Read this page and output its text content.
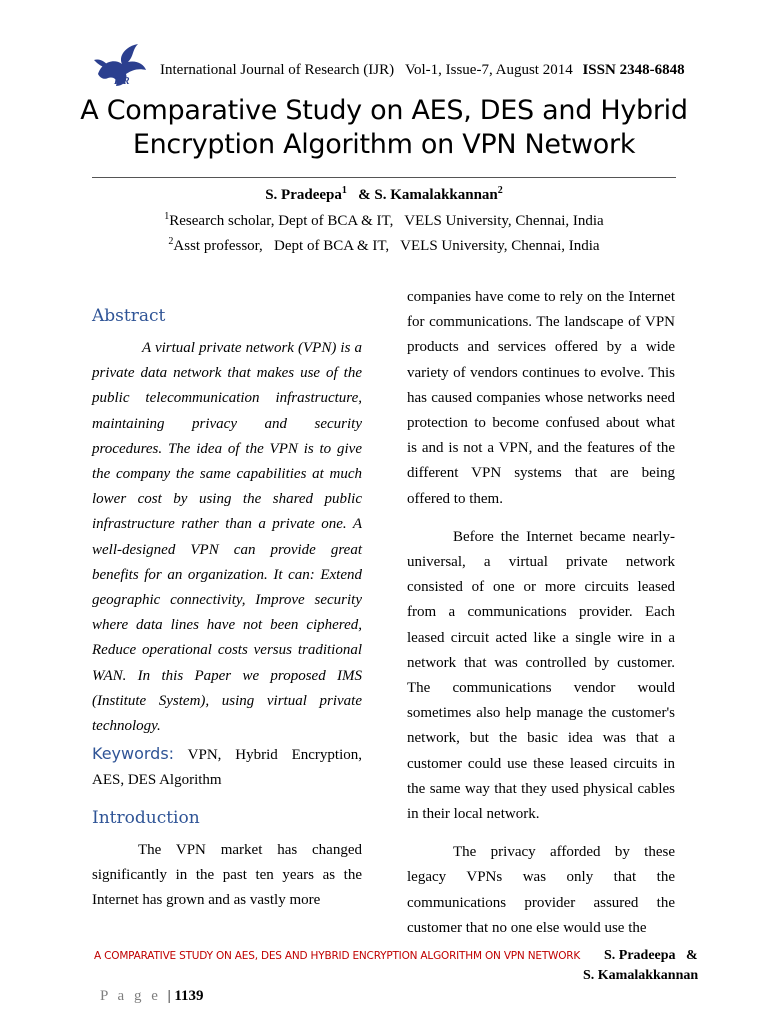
IJR
International Journal of Research (IJR)   Vol-1, Issue-7, August 2014 ISSN 2348-6848
A Comparative Study on AES, DES and Hybrid
Encryption Algorithm on VPN Network
S. Pradeepa$^1$   & S. Kamalakkannan$^2$
$^1$Research scholar, Dept of BCA & IT,   VELS University, Chennai, India
$^2$Asst professor,   Dept of BCA & IT,   VELS University, Chennai, India
Abstract

A virtual private network (VPN) is a private data network that makes use of the public telecommunication infrastructure, maintaining privacy and security procedures. The idea of the VPN is to give the company the same capabilities at much lower cost by using the shared public infrastructure rather than a private one. A well-designed VPN can provide great benefits for an organization. It can: Extend geographic connectivity, Improve security where data lines have not been ciphered, Reduce operational costs versus traditional WAN. In this Paper we proposed IMS (Institute System), using virtual private technology.

Keywords: VPN, Hybrid Encryption, AES, DES Algorithm

Introduction

The VPN market has changed significantly in the past ten years as the Internet has grown and as vastly more

companies have come to rely on the Internet for communications. The landscape of VPN products and services offered by a wide variety of vendors continues to evolve. This has caused companies whose networks need protection to become confused about what is and is not a VPN, and the features of the different VPN systems that are being offered to them.

Before the Internet became nearly-universal, a virtual private network consisted of one or more circuits leased from a communications provider. Each leased circuit acted like a single wire in a network that was controlled by customer. The communications vendor would sometimes also help manage the customer's network, but the basic idea was that a customer could use these leased circuits in the same way that they used physical cables in their local network.

The privacy afforded by these legacy VPNs was only that the communications provider assured the customer that no one else would use the

A COMPARATIVE STUDY ON AES, DES AND HYBRID ENCRYPTION ALGORITHM ON VPN NETWORK S. Pradeepa   &
S. Kamalakkannan
P a g e | 1139
